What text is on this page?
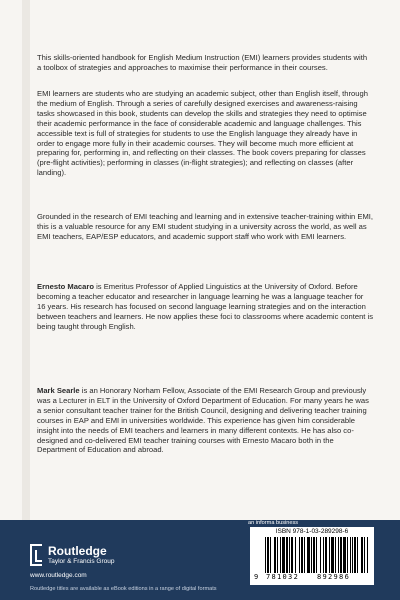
This skills-oriented handbook for English Medium Instruction (EMI) learners provides students with a toolbox of strategies and approaches to maximise their performance in their courses.

EMI learners are students who are studying an academic subject, other than English itself, through the medium of English. Through a series of carefully designed exercises and awareness-raising tasks showcased in this book, students can develop the skills and strategies they need to optimise their academic performance in the face of considerable academic and language challenges. This accessible text is full of strategies for students to use the English language they already have in order to engage more fully in their academic courses. They will become much more efficient at preparing for, performing in, and reflecting on their classes. The book covers preparing for classes (pre-flight activities); performing in classes (in-flight strategies); and reflecting on classes (after landing).

Grounded in the research of EMI teaching and learning and in extensive teacher-training within EMI, this is a valuable resource for any EMI student studying in a university across the world, as well as EMI teachers, EAP/ESP educators, and academic support staff who work with EMI learners.

Ernesto Macaro is Emeritus Professor of Applied Linguistics at the University of Oxford. Before becoming a teacher educator and researcher in language learning he was a language teacher for 16 years. His research has focused on second language learning strategies and on the interaction between teachers and learners. He now applies these foci to classrooms where academic content is being taught through English.

Mark Searle is an Honorary Norham Fellow, Associate of the EMI Research Group and previously was a Lecturer in ELT in the University of Oxford Department of Education. For many years he was a senior consultant teacher trainer for the British Council, designing and delivering teacher training courses in EAP and EMI in universities worldwide. This experience has given him considerable insight into the needs of EMI teachers and learners in many different contexts. He has also co-designed and co-delivered EMI teacher training courses with Ernesto Macaro both in the Department of Education and abroad.

Routledge
Taylor & Francis Group
www.routledge.com
an informa business
Routledge titles are available as eBook editions in a range of digital formats
ISBN 978-1-03-289298-6
9 781032	892986
